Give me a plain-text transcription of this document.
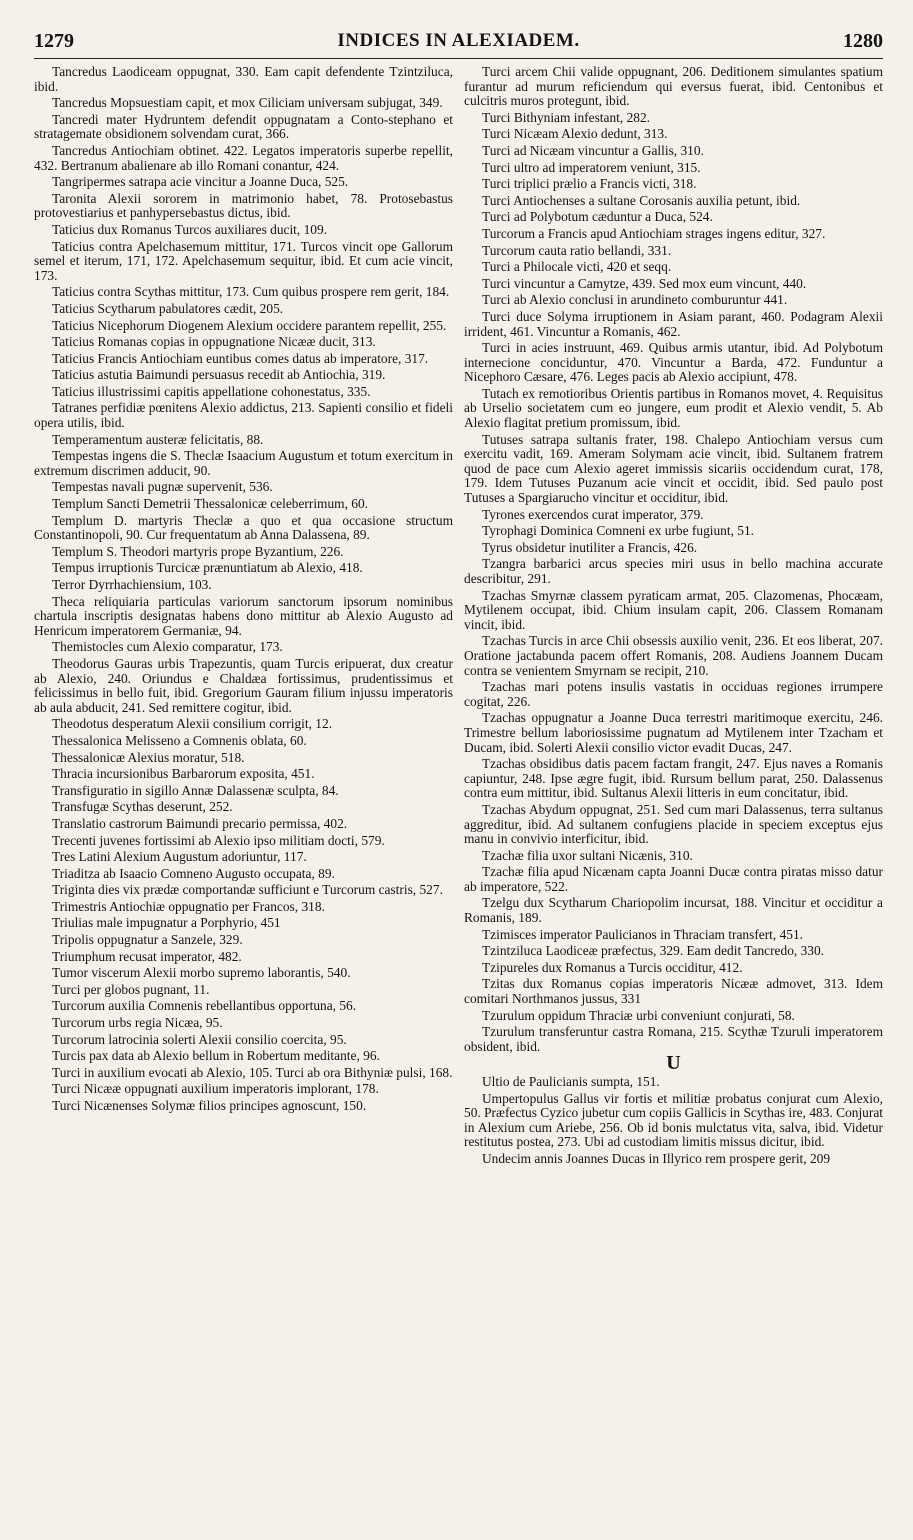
1279	INDICES IN ALEXIADEM.	1280

Tancredus Laodiceam oppugnat, 330. Eam capit defendente Tzintziluca, ibid.

Tancredus Mopsuestiam capit, et mox Ciliciam universam subjugat, 349.

Tancredi mater Hydruntem defendit oppugnatam a Conto-stephano et stratagemate obsidionem solvendam curat, 366.

Tancredus Antiochiam obtinet. 422. Legatos imperatoris superbe repellit, 432. Bertranum abalienare ab illo Romani conantur, 424.

Tangripermes satrapa acie vincitur a Joanne Duca, 525.

Taronita Alexii sororem in matrimonio habet, 78. Protosebastus protovestiarius et panhypersebastus dictus, ibid.

Taticius dux Romanus Turcos auxiliares ducit, 109.

Taticius contra Apelchasemum mittitur, 171. Turcos vincit ope Gallorum semel et iterum, 171, 172. Apelchasemum sequitur, ibid. Et cum acie vincit, 173.

Taticius contra Scythas mittitur, 173. Cum quibus prospere rem gerit, 184.

Taticius Scytharum pabulatores cædit, 205.

Taticius Nicephorum Diogenem Alexium occidere parantem repellit, 255.

Taticius Romanas copias in oppugnatione Nicææ ducit, 313.

Taticius Francis Antiochiam euntibus comes datus ab imperatore, 317.

Taticius astutia Baimundi persuasus recedit ab Antiochia, 319.

Taticius illustrissimi capitis appellatione cohonestatus, 335.

Tatranes perfidiæ pœnitens Alexio addictus, 213. Sapienti consilio et fideli opera utilis, ibid.

Temperamentum austeræ felicitatis, 88.

Tempestas ingens die S. Theclæ Isaacium Augustum et totum exercitum in extremum discrimen adducit, 90.

Tempestas navali pugnæ supervenit, 536.

Templum Sancti Demetrii Thessalonicæ celeberrimum, 60.

Templum D. martyris Theclæ a quo et qua occasione structum Constantinopoli, 90. Cur frequentatum ab Anna Dalassena, 89.

Templum S. Theodori martyris prope Byzantium, 226.

Tempus irruptionis Turcicæ prænuntiatum ab Alexio, 418.

Terror Dyrrhachiensium, 103.

Theca reliquiaria particulas variorum sanctorum ipsorum nominibus chartula inscriptis designatas habens dono mittitur ab Alexio Augusto ad Henricum imperatorem Germaniæ, 94.

Themistocles cum Alexio comparatur, 173.

Theodorus Gauras urbis Trapezuntis, quam Turcis eripuerat, dux creatur ab Alexio, 240. Oriundus e Chaldæa fortissimus, prudentissimus et felicissimus in bello fuit, ibid. Gregorium Gauram filium injussu imperatoris ab aula abducit, 241. Sed remittere cogitur, ibid.

Theodotus desperatum Alexii consilium corrigit, 12.

Thessalonica Melisseno a Comnenis oblata, 60.

Thessalonicæ Alexius moratur, 518.

Thracia incursionibus Barbarorum exposita, 451.

Transfiguratio in sigillo Annæ Dalassenæ sculpta, 84.

Transfugæ Scythas deserunt, 252.

Translatio castrorum Baimundi precario permissa, 402.

Trecenti juvenes fortissimi ab Alexio ipso militiam docti, 579.

Tres Latini Alexium Augustum adoriuntur, 117.

Triaditza ab Isaacio Comneno Augusto occupata, 89.

Triginta dies vix prædæ comportandæ sufficiunt e Turcorum castris, 527.

Trimestris Antiochiæ oppugnatio per Francos, 318.

Triulias male impugnatur a Porphyrio, 451

Tripolis oppugnatur a Sanzele, 329.

Triumphum recusat imperator, 482.

Tumor viscerum Alexii morbo supremo laborantis, 540.

Turci per globos pugnant, 11.

Turcorum auxilia Comnenis rebellantibus opportuna, 56.

Turcorum urbs regia Nicæa, 95.

Turcorum latrocinia solerti Alexii consilio coercita, 95.

Turcis pax data ab Alexio bellum in Robertum meditante, 96.

Turci in auxilium evocati ab Alexio, 105. Turci ab ora Bithyniæ pulsi, 168.

Turci Nicææ oppugnati auxilium imperatoris implorant, 178.

Turci Nicænenses Solymæ filios principes agnoscunt, 150.

Turci arcem Chii valide oppugnant, 206. Deditionem simulantes spatium furantur ad murum reficiendum qui eversus fuerat, ibid. Centonibus et culcitris muros protegunt, ibid.

Turci Bithyniam infestant, 282.

Turci Nicæam Alexio dedunt, 313.

Turci ad Nicæam vincuntur a Gallis, 310.

Turci ultro ad imperatorem veniunt, 315.

Turci triplici prælio a Francis victi, 318.

Turci Antiochenses a sultane Corosanis auxilia petunt, ibid.

Turci ad Polybotum cæduntur a Duca, 524.

Turcorum a Francis apud Antiochiam strages ingens editur, 327.

Turcorum cauta ratio bellandi, 331.

Turci a Philocale victi, 420 et seqq.

Turci vincuntur a Camytze, 439. Sed mox eum vincunt, 440.

Turci ab Alexio conclusi in arundineto comburuntur 441.

Turci duce Solyma irruptionem in Asiam parant, 460. Podagram Alexii irrident, 461. Vincuntur a Romanis, 462.

Turci in acies instruunt, 469. Quibus armis utantur, ibid. Ad Polybotum internecione conciduntur, 470. Vincuntur a Barda, 472. Funduntur a Nicephoro Cæsare, 476. Leges pacis ab Alexio accipiunt, 478.

Tutach ex remotioribus Orientis partibus in Romanos movet, 4. Requisitus ab Urselio societatem cum eo jungere, eum prodit et Alexio vendit, 5. Ab Alexio flagitat pretium promissum, ibid.

Tutuses satrapa sultanis frater, 198. Chalepo Antiochiam versus cum exercitu vadit, 169. Ameram Solymam acie vincit, ibid. Sultanem fratrem quod de pace cum Alexio ageret immissis sicariis occidendum curat, 178, 179. Idem Tutuses Puzanum acie vincit et occidit, ibid. Sed paulo post Tutuses a Spargiarucho vincitur et occiditur, ibid.

Tyrones exercendos curat imperator, 379.

Tyrophagi Dominica Comneni ex urbe fugiunt, 51.

Tyrus obsidetur inutiliter a Francis, 426.

Tzangra barbarici arcus species miri usus in bello machina accurate describitur, 291.

Tzachas Smyrnæ classem pyraticam armat, 205. Clazomenas, Phocæam, Mytilenem occupat, ibid. Chium insulam capit, 206. Classem Romanam vincit, ibid.

Tzachas Turcis in arce Chii obsessis auxilio venit, 236. Et eos liberat, 207. Oratione jactabunda pacem offert Romanis, 208. Audiens Joannem Ducam contra se venientem Smyrnam se recipit, 210.

Tzachas mari potens insulis vastatis in occiduas regiones irrumpere cogitat, 226.

Tzachas oppugnatur a Joanne Duca terrestri maritimoque exercitu, 246. Trimestre bellum laboriosissime pugnatum ad Mytilenem inter Tzacham et Ducam, ibid. Solerti Alexii consilio victor evadit Ducas, 247.

Tzachas obsidibus datis pacem factam frangit, 247. Ejus naves a Romanis capiuntur, 248. Ipse ægre fugit, ibid. Rursum bellum parat, 250. Dalassenus contra eum mittitur, ibid. Sultanus Alexii litteris in eum concitatur, ibid.

Tzachas Abydum oppugnat, 251. Sed cum mari Dalassenus, terra sultanus aggreditur, ibid. Ad sultanem confugiens placide in speciem exceptus ejus manu in convivio interficitur, ibid.

Tzachæ filia uxor sultani Nicænis, 310.

Tzachæ filia apud Nicænam capta Joanni Ducæ contra piratas misso datur ab imperatore, 522.

Tzelgu dux Scytharum Chariopolim incursat, 188. Vincitur et occiditur a Romanis, 189.

Tzimisces imperator Paulicianos in Thraciam transfert, 451.

Tzintziluca Laodiceæ præfectus, 329. Eam dedit Tancredo, 330.

Tzipureles dux Romanus a Turcis occiditur, 412.

Tzitas dux Romanus copias imperatoris Nicææ admovet, 313. Idem comitari Northmanos jussus, 331

Tzurulum oppidum Thraciæ urbi conveniunt conjurati, 58.

Tzurulum transferuntur castra Romana, 215. Scythæ Tzuruli imperatorem obsident, ibid.

U

Ultio de Paulicianis sumpta, 151.

Umpertopulus Gallus vir fortis et militiæ probatus conjurat cum Alexio, 50. Præfectus Cyzico jubetur cum copiis Gallicis in Scythas ire, 483. Conjurat in Alexium cum Ariebe, 256. Ob id bonis mulctatus vita, salva, ibid. Videtur restitutus postea, 273. Ubi ad custodiam limitis missus dicitur, ibid.

Undecim annis Joannes Ducas in Illyrico rem prospere gerit, 209
